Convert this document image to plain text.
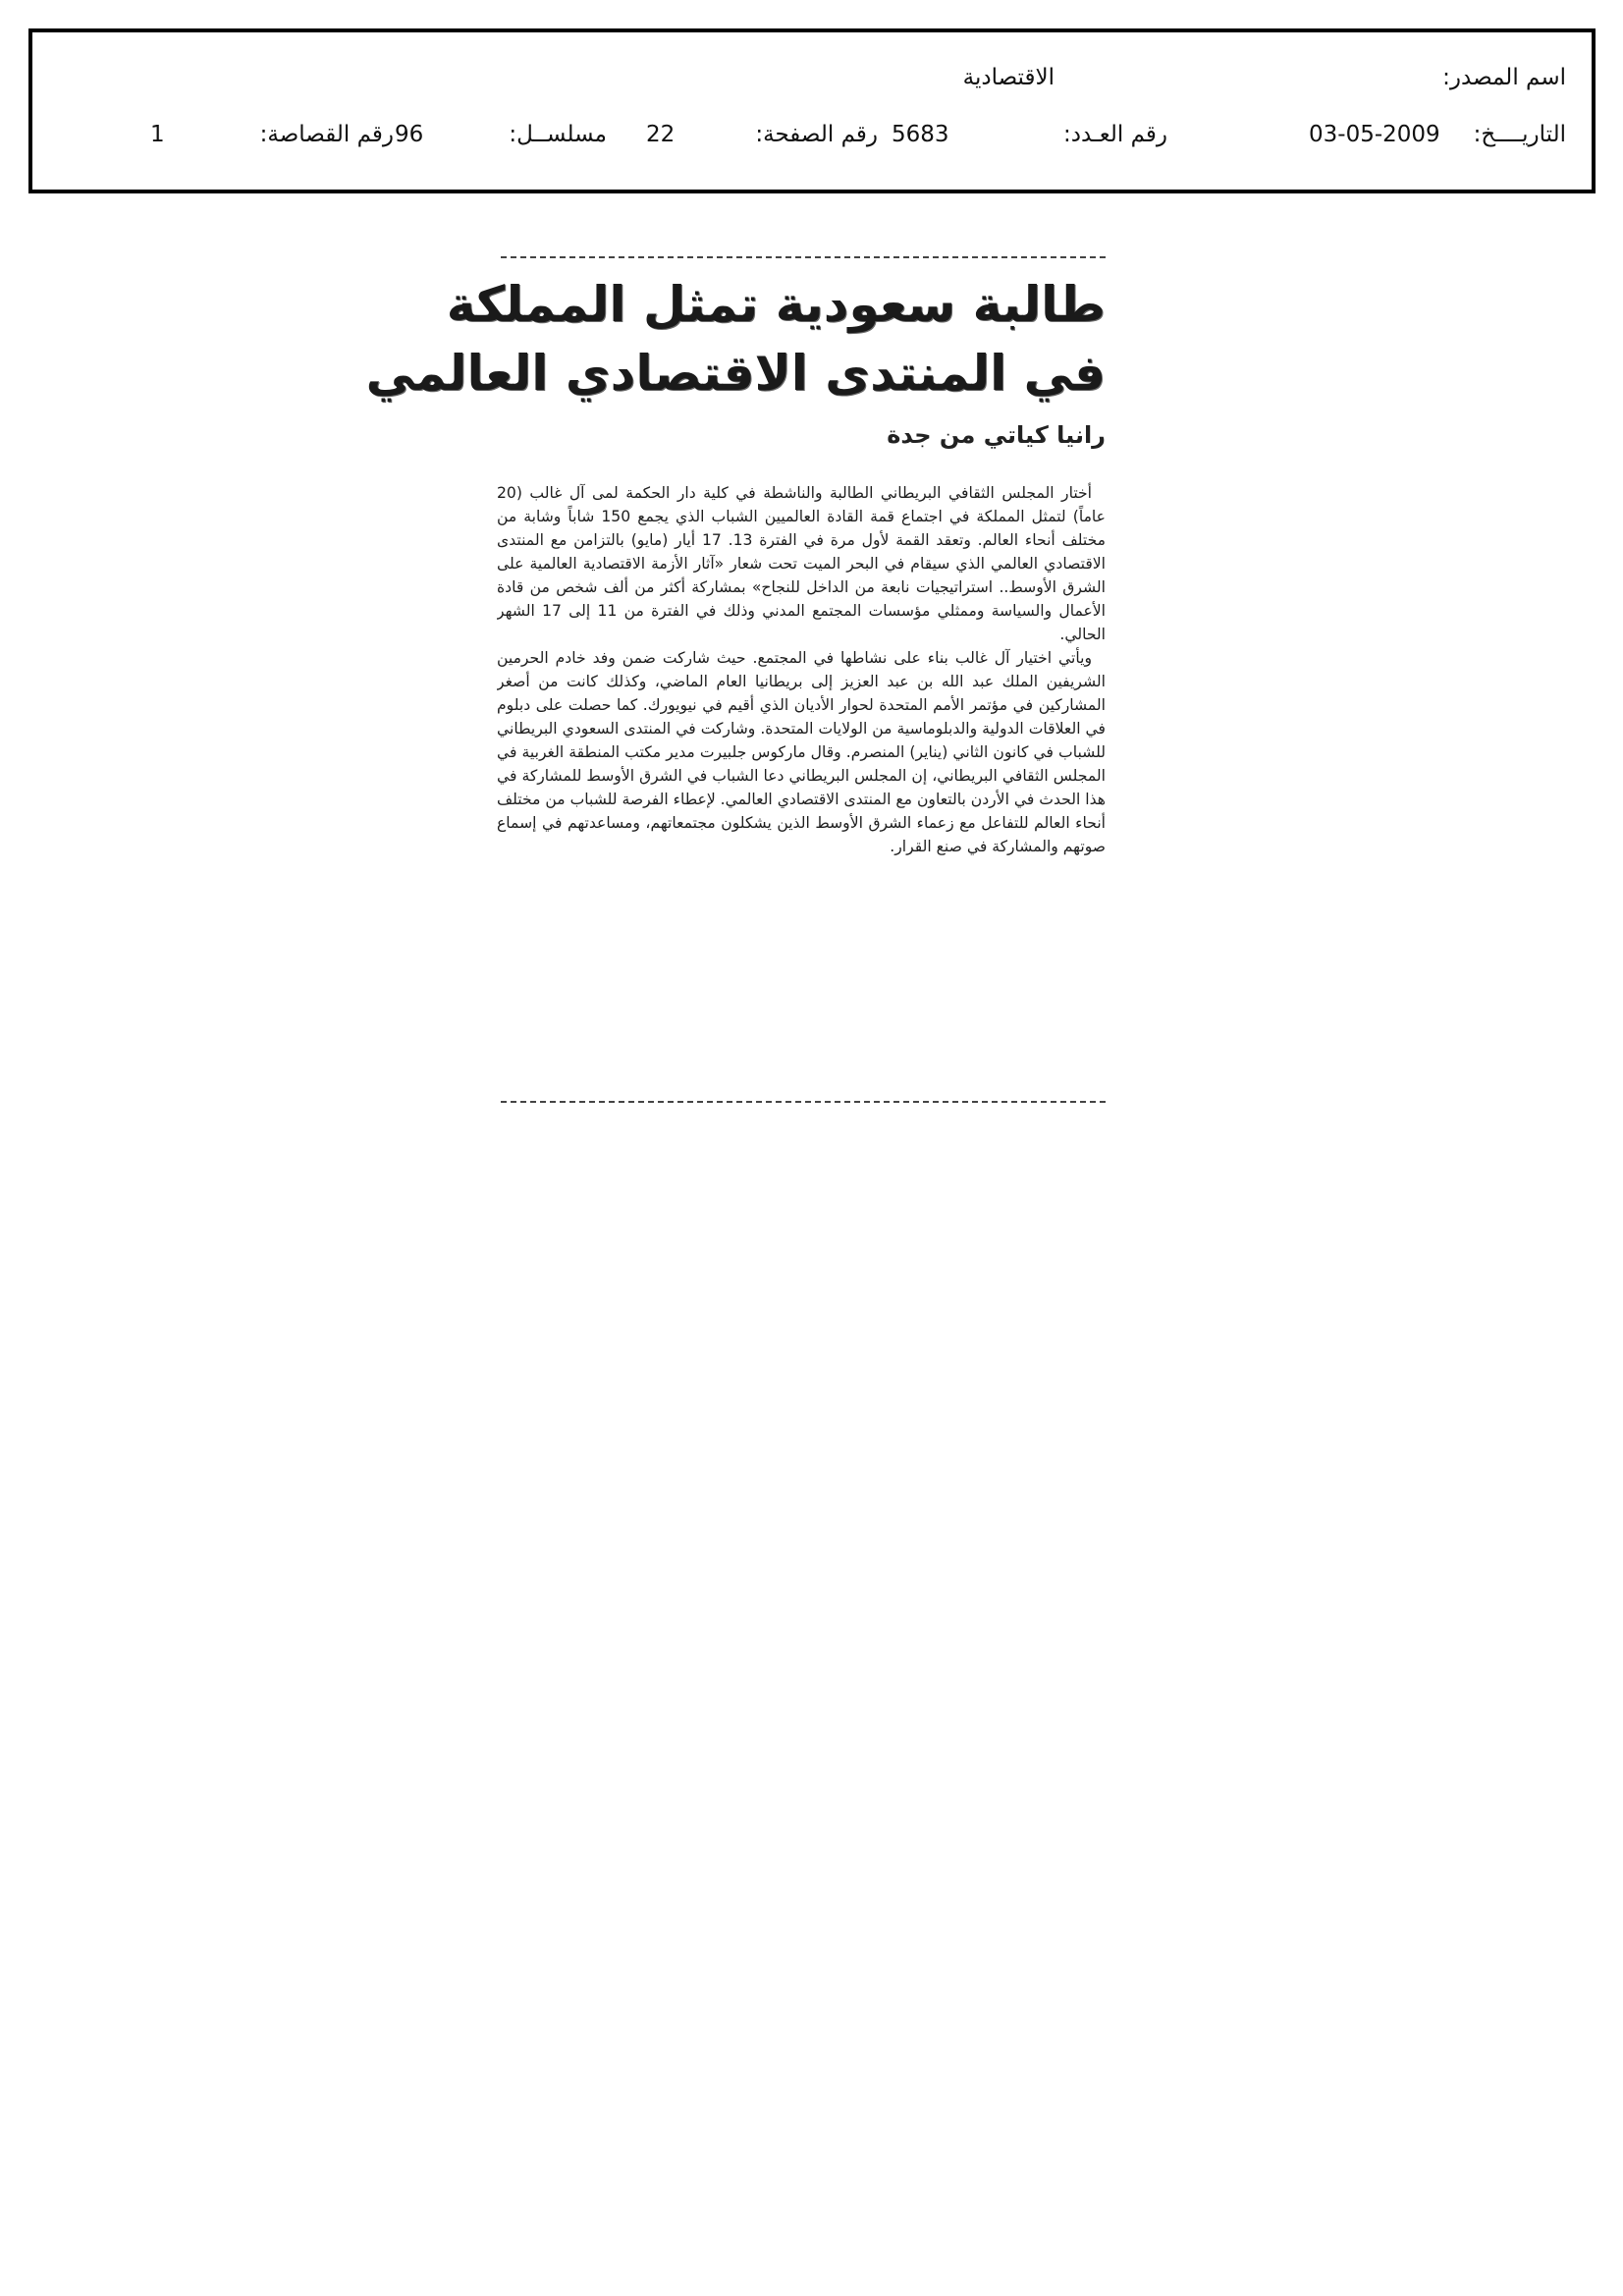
اسم المصدر:
الاقتصادية
التاريــــخ:
03-05-2009
رقم العـدد:
5683
رقم الصفحة:
22
مسلســل:
96
رقم القصاصة:
1
طالبة سعودية تمثل المملكة
في المنتدى الاقتصادي العالمي
رانيا كياتي من جدة

أختار المجلس الثقافي البريطاني الطالبة والناشطة في كلية دار الحكمة لمى آل غالب (20 عاماً) لتمثل المملكة في اجتماع قمة القادة العالميين الشباب الذي يجمع 150 شاباً وشابة من مختلف أنحاء العالم. وتعقد القمة لأول مرة في الفترة 13. 17 أيار (مايو) بالتزامن مع المنتدى الاقتصادي العالمي الذي سيقام في البحر الميت تحت شعار «آثار الأزمة الاقتصادية العالمية على الشرق الأوسط.. استراتيجيات نابعة من الداخل للنجاح» بمشاركة أكثر من ألف شخص من قادة الأعمال والسياسة وممثلي مؤسسات المجتمع المدني وذلك في الفترة من 11 إلى 17 الشهر الحالي.

ويأتي اختيار آل غالب بناء على نشاطها في المجتمع. حيث شاركت ضمن وفد خادم الحرمين الشريفين الملك عبد الله بن عبد العزيز إلى بريطانيا العام الماضي، وكذلك كانت من أصغر المشاركين في مؤتمر الأمم المتحدة لحوار الأديان الذي أقيم في نيويورك. كما حصلت على دبلوم في العلاقات الدولية والدبلوماسية من الولايات المتحدة. وشاركت في المنتدى السعودي البريطاني للشباب في كانون الثاني (يناير) المنصرم. وقال ماركوس جلبيرت مدير مكتب المنطقة الغربية في المجلس الثقافي البريطاني، إن المجلس البريطاني دعا الشباب في الشرق الأوسط للمشاركة في هذا الحدث في الأردن بالتعاون مع المنتدى الاقتصادي العالمي. لإعطاء الفرصة للشباب من مختلف أنحاء العالم للتفاعل مع زعماء الشرق الأوسط الذين يشكلون مجتمعاتهم، ومساعدتهم في إسماع صوتهم والمشاركة في صنع القرار.
